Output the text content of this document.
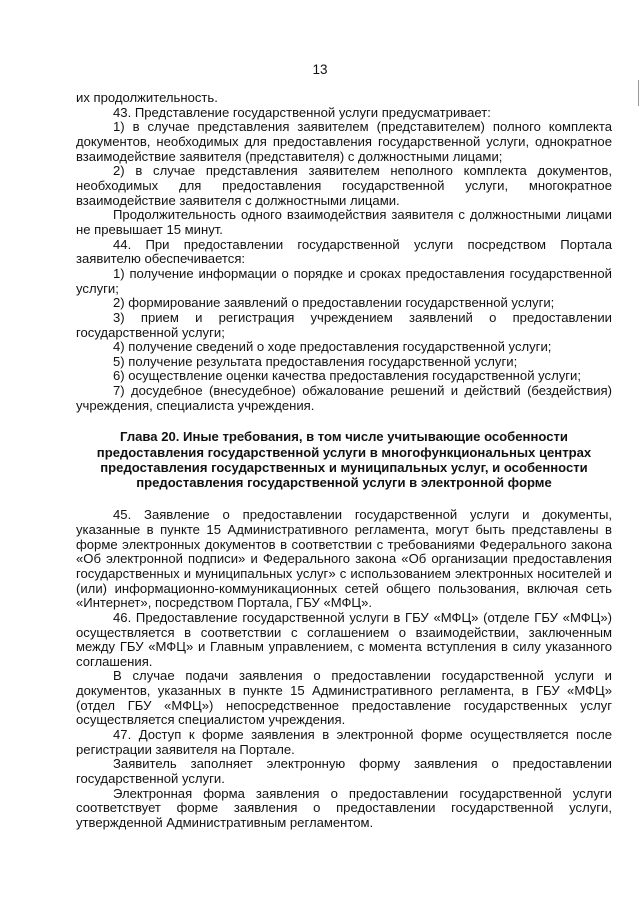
13

их продолжительность.

43. Представление государственной услуги предусматривает:

1) в случае представления заявителем (представителем) полного комплекта документов, необходимых для предоставления государственной услуги, однократное взаимодействие заявителя (представителя) с должностными лицами;

2) в случае представления заявителем неполного комплекта документов, необходимых для предоставления государственной услуги, многократное взаимодействие заявителя с должностными лицами.

Продолжительность одного взаимодействия заявителя с должностными лицами не превышает 15 минут.

44. При предоставлении государственной услуги посредством Портала заявителю обеспечивается:

1) получение информации о порядке и сроках предоставления государственной услуги;

2) формирование заявлений о предоставлении государственной услуги;

3) прием и регистрация учреждением заявлений о предоставлении государственной услуги;

4) получение сведений о ходе предоставления государственной услуги;

5) получение результата предоставления государственной услуги;

6) осуществление оценки качества предоставления государственной услуги;

7) досудебное (внесудебное) обжалование решений и действий (бездействия) учреждения, специалиста учреждения.

Глава 20. Иные требования, в том числе учитывающие особенности предоставления государственной услуги в многофункциональных центрах предоставления государственных и муниципальных услуг, и особенности предоставления государственной услуги в электронной форме

45. Заявление о предоставлении государственной услуги и документы, указанные в пункте 15 Административного регламента, могут быть представлены в форме электронных документов в соответствии с требованиями Федерального закона «Об электронной подписи» и Федерального закона «Об организации предоставления государственных и муниципальных услуг» с использованием электронных носителей и (или) информационно-коммуникационных сетей общего пользования, включая сеть «Интернет», посредством Портала, ГБУ «МФЦ».

46. Предоставление государственной услуги в ГБУ «МФЦ» (отделе ГБУ «МФЦ») осуществляется в соответствии с соглашением о взаимодействии, заключенным между ГБУ «МФЦ» и Главным управлением, с момента вступления в силу указанного соглашения.

В случае подачи заявления о предоставлении государственной услуги и документов, указанных в пункте 15 Административного регламента, в ГБУ «МФЦ» (отдел ГБУ «МФЦ») непосредственное предоставление государственных услуг осуществляется специалистом учреждения.

47. Доступ к форме заявления в электронной форме осуществляется после регистрации заявителя на Портале.

Заявитель заполняет электронную форму заявления о предоставлении государственной услуги.

Электронная форма заявления о предоставлении государственной услуги соответствует форме заявления о предоставлении государственной услуги, утвержденной Административным регламентом.
